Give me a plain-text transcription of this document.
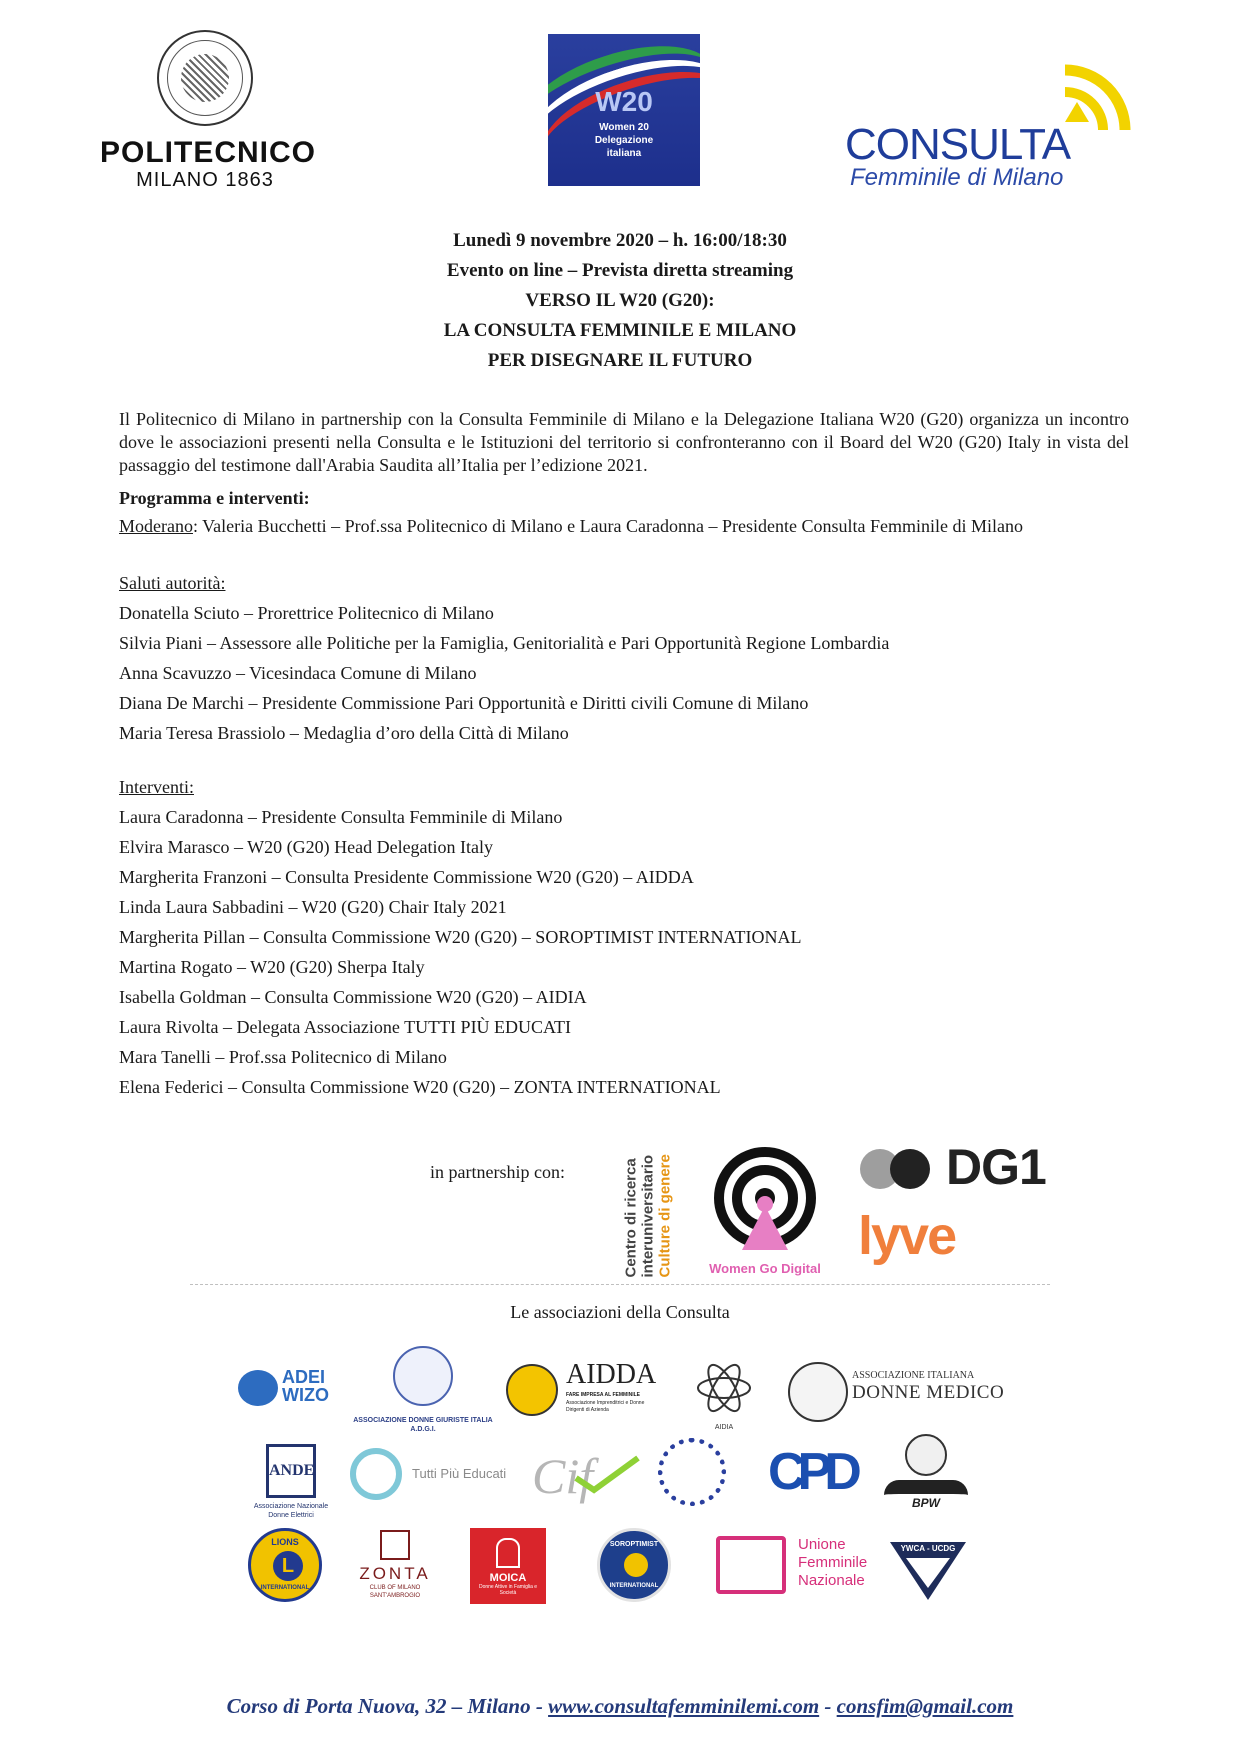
POLITECNICO
MILANO 1863
W20
Women 20
Delegazione
italiana	CONSULTA
Femminile di Milano
Lunedì 9 novembre 2020 – h. 16:00/18:30
Evento on line – Prevista diretta streaming
VERSO IL W20 (G20):
LA CONSULTA FEMMINILE E MILANO
PER DISEGNARE IL FUTURO

Il Politecnico di Milano in partnership con la Consulta Femminile di Milano e la Delegazione Italiana W20 (G20) organizza un incontro dove le associazioni presenti nella Consulta e le Istituzioni del territorio si confronteranno con il Board del W20 (G20) Italy in vista del passaggio del testimone dall'Arabia Saudita all’Italia per l’edizione 2021.

Programma e interventi:

Moderano: Valeria Bucchetti – Prof.ssa Politecnico di Milano e Laura Caradonna – Presidente Consulta Femminile di Milano

Saluti autorità:

Donatella Sciuto – Prorettrice Politecnico di Milano

Silvia Piani – Assessore alle Politiche per la Famiglia, Genitorialità e Pari Opportunità Regione Lombardia

Anna Scavuzzo – Vicesindaca Comune di Milano

Diana De Marchi – Presidente Commissione Pari Opportunità e Diritti civili Comune di Milano

Maria Teresa Brassiolo – Medaglia d’oro della Città di Milano

Interventi:

Laura Caradonna – Presidente Consulta Femminile di Milano

Elvira Marasco – W20 (G20) Head Delegation Italy

Margherita Franzoni – Consulta Presidente Commissione W20 (G20) – AIDDA

Linda Laura Sabbadini – W20 (G20) Chair Italy 2021

Margherita Pillan – Consulta Commissione W20 (G20) – SOROPTIMIST INTERNATIONAL

Martina Rogato – W20 (G20) Sherpa Italy

Isabella Goldman – Consulta Commissione W20 (G20) – AIDIA

Laura Rivolta – Delegata Associazione TUTTI PIÙ EDUCATI

Mara Tanelli – Prof.ssa Politecnico di Milano

Elena Federici – Consulta Commissione W20 (G20) – ZONTA INTERNATIONAL

in partnership con:	Centro di ricerca interuniversitario Culture di genere	Women Go Digital
DG1
lyve
Le associazioni della Consulta
ADEI WIZO
ASSOCIAZIONE DONNE GIURISTE ITALIA A.D.G.I.
AIDDA
FARE IMPRESA AL FEMMINILE
Associazione Imprenditrici e Donne Dirigenti di Azienda
AIDIA
ASSOCIAZIONE ITALIANA
DONNE MEDICO
ANDE
Associazione Nazionale Donne Elettrici
Tutti Più Educati Cif	CPD
BPW
LIONS
L
INTERNATIONAL
ZONTA
CLUB OF MILANO SANT'AMBROGIO
MOICA
Donne Attive in Famiglia e Società
SOROPTIMIST
INTERNATIONAL
Unione
Femminile
Nazionale
YWCA - UCDG
Corso di Porta Nuova, 32 – Milano - www.consultafemminilemi.com - consfim@gmail.com
